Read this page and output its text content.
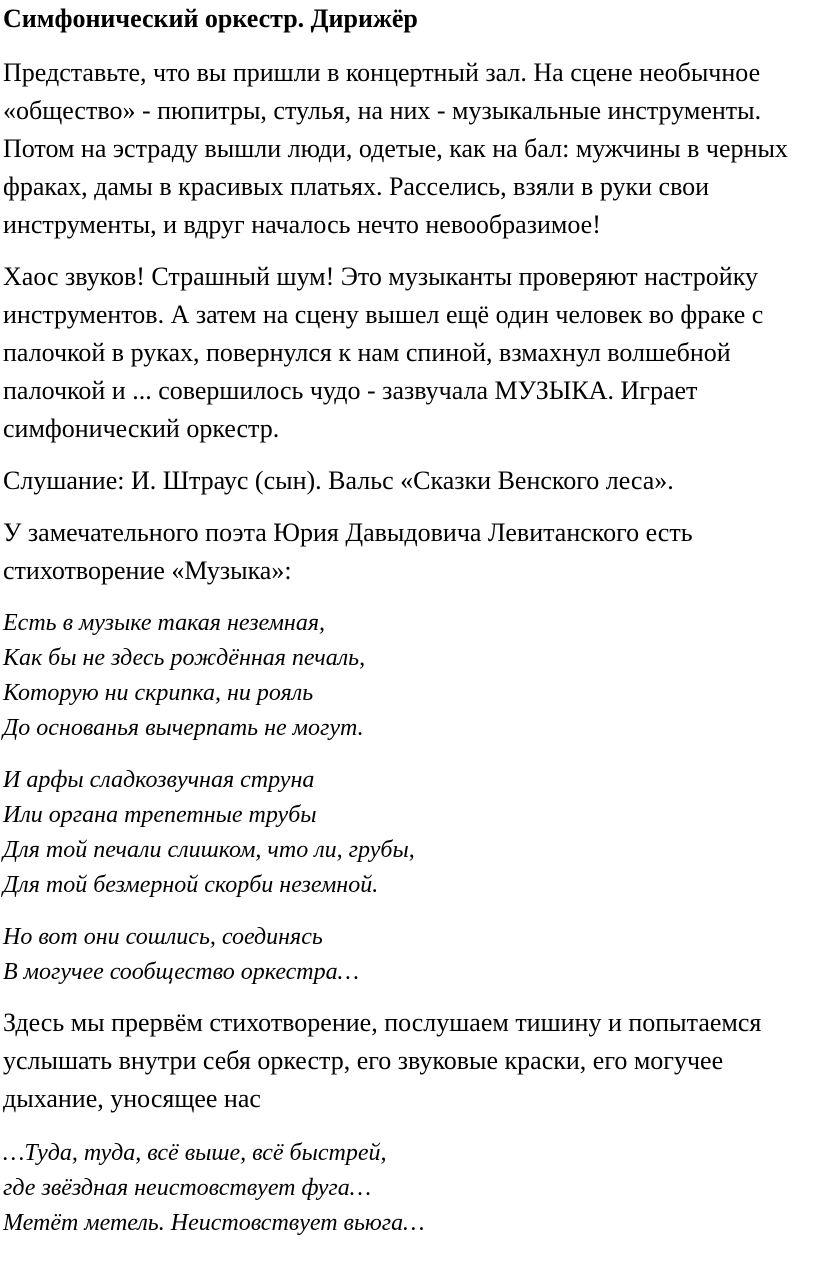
Симфонический оркестр. Дирижёр

Представьте, что вы пришли в концертный зал. На сцене необычное «общество» - пюпитры, стулья, на них - музыкальные инструменты. Потом на эстраду вышли люди, одетые, как на бал: мужчины в черных фраках, дамы в красивых платьях. Расселись, взяли в руки свои инструменты, и вдруг началось нечто невообразимое!

Хаос звуков! Страшный шум! Это музыканты проверяют настройку инструментов. А затем на сцену вышел ещё один человек во фраке с палочкой в руках, повернулся к нам спиной, взмахнул волшебной палочкой и ... совершилось чудо - зазвучала МУЗЫКА. Играет симфонический оркестр.

Слушание: И. Штраус (сын). Вальс «Сказки Венского леса».

У замечательного поэта Юрия Давыдовича Левитанского есть стихотворение «Музыка»:

Есть в музыке такая неземная,
Как бы не здесь рождённая печаль,
Которую ни скрипка, ни рояль
До основанья вычерпать не могут.
И арфы сладкозвучная струна
Или органа трепетные трубы
Для той печали слишком, что ли, грубы,
Для той безмерной скорби неземной.
Но вот они сошлись, соединясь
В могучее сообщество оркестра…

Здесь мы прервём стихотворение, послушаем тишину и попытаемся услышать внутри себя оркестр, его звуковые краски, его могучее дыхание, уносящее нас

…Туда, туда, всё выше, всё быстрей,
где звёздная неистовствует фуга…
Метёт метель. Неистовствует вьюга…
